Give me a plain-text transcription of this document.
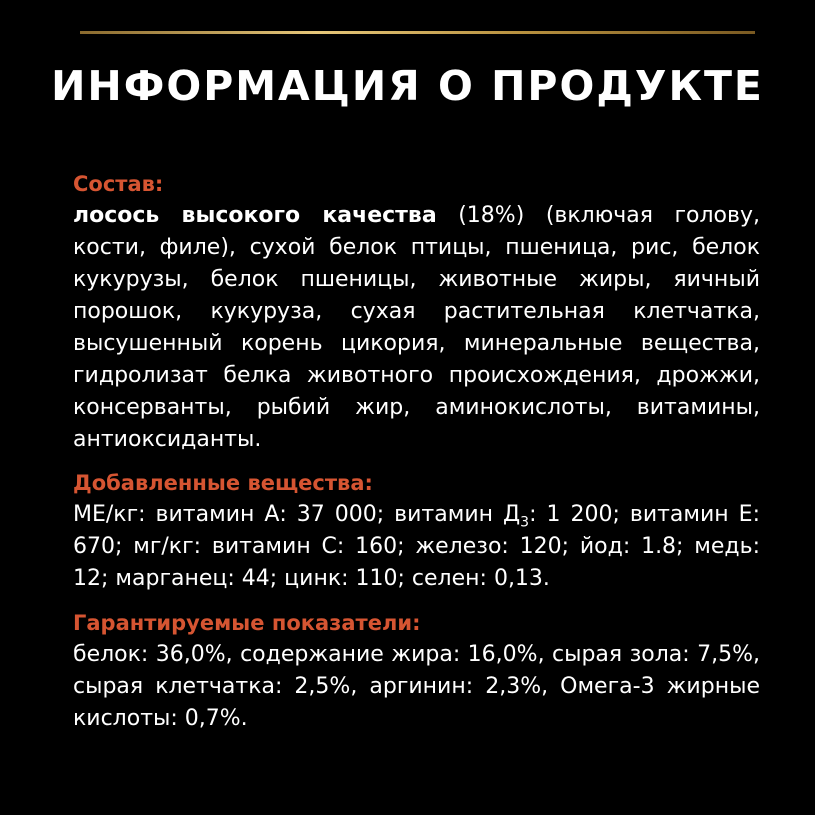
ИНФОРМАЦИЯ О ПРОДУКТЕ
Состав:
лосось высокого качества (18%) (включая голову, кости, филе), сухой белок птицы, пшеница, рис, белок кукурузы, белок пшеницы, животные жиры, яичный порошок, кукуруза, сухая растительная клетчатка, высушенный корень цикория, минеральные вещества, гидролизат белка животного происхождения, дрожжи, консерванты, рыбий жир, аминокислоты, витамины, антиоксиданты.
Добавленные вещества:
МЕ/кг: витамин А: 37 000; витамин $Д_3$: 1 200; витамин Е: 670; мг/кг: витамин С: 160; железо: 120; йод: 1.8; медь: 12; марганец: 44; цинк: 110; селен: 0,13.
Гарантируемые показатели:
белок: 36,0%, содержание жира: 16,0%, сырая зола: 7,5%, сырая клетчатка: 2,5%, аргинин: 2,3%, Омега-3 жирные кислоты: 0,7%.
